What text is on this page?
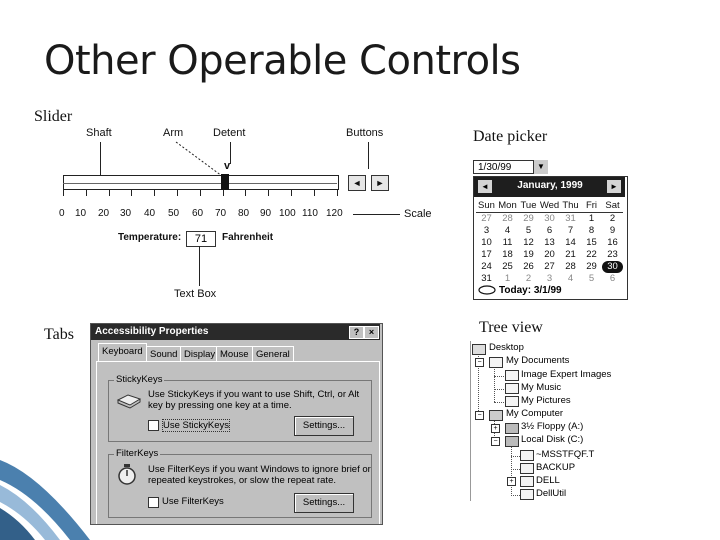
Other Operable Controls
Slider
Date picker
Tabs	Tree view
Shaft	Arm	Detent	Buttons
v
◄	►
0 10 20 30 40 50 60 70 80 90 100 110 120	Scale
Temperature:	71	Fahrenheit
Text Box
1/30/99	▼
◄	January, 1999	►
Sun Mon Tue Wed Thu Fri Sat
27	28	29	30	31	1	2
3	4	5	6	7	8	9
10	11	12	13	14	15	16
17	18	19	20	21	22	23
24	25	26	27	28	29	30
31	1	2	3	4	5	6
Today: 3/1/99
Accessibility Properties	?	×
Keyboard Sound Display Mouse General
StickyKeys
Use StickyKeys if you want to use Shift, Ctrl, or Alt
key by pressing one key at a time.
Use StickyKeys	Settings...
FilterKeys
Use FilterKeys if you want Windows to ignore brief or
repeated keystrokes, or slow the repeat rate.
Use FilterKeys	Settings...
Desktop
−	My Documents
Image Expert Images
My Music
My Pictures
−	My Computer
+ 3½ Floppy (A:)
− Local Disk (C:)
~MSSTFQF.T
BACKUP
+ DELL
DellUtil
